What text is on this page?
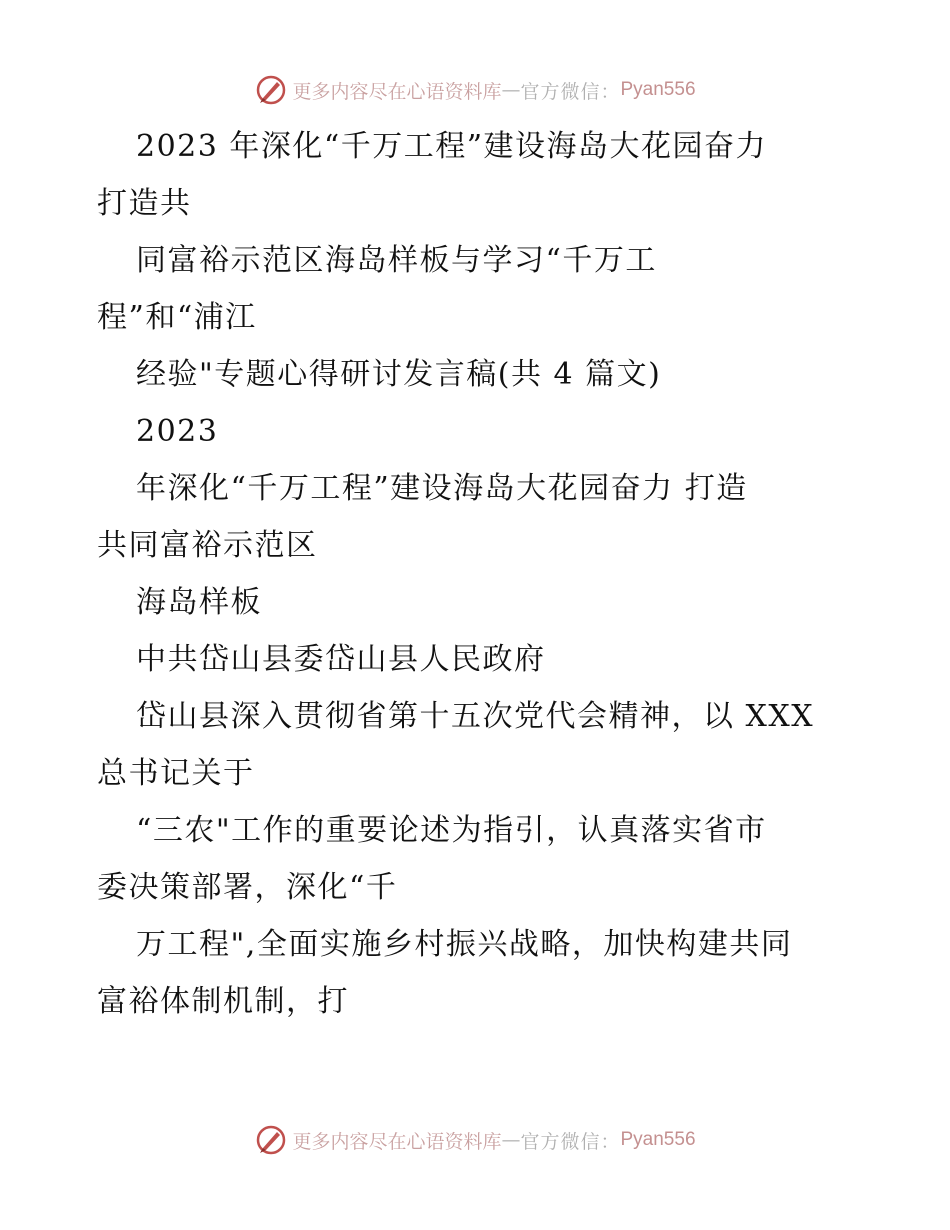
更多内容尽在心语资料库 — 官方微信： Pyan556
2023 年深化“千万工程”建设海岛大花园奋力
打造共
同富裕示范区海岛样板与学习“千万工
程”和“浦江
经验"专题心得研讨发言稿(共 4 篇文)
2023
年深化“千万工程”建设海岛大花园奋力 打造
共同富裕示范区
海岛样板
中共岱山县委岱山县人民政府
岱山县深入贯彻省第十五次党代会精神，以 XXX
总书记关于
“三农"工作的重要论述为指引，认真落实省市
委决策部署，深化“千
万工程",全面实施乡村振兴战略，加快构建共同
富裕体制机制，打
更多内容尽在心语资料库 — 官方微信： Pyan556
